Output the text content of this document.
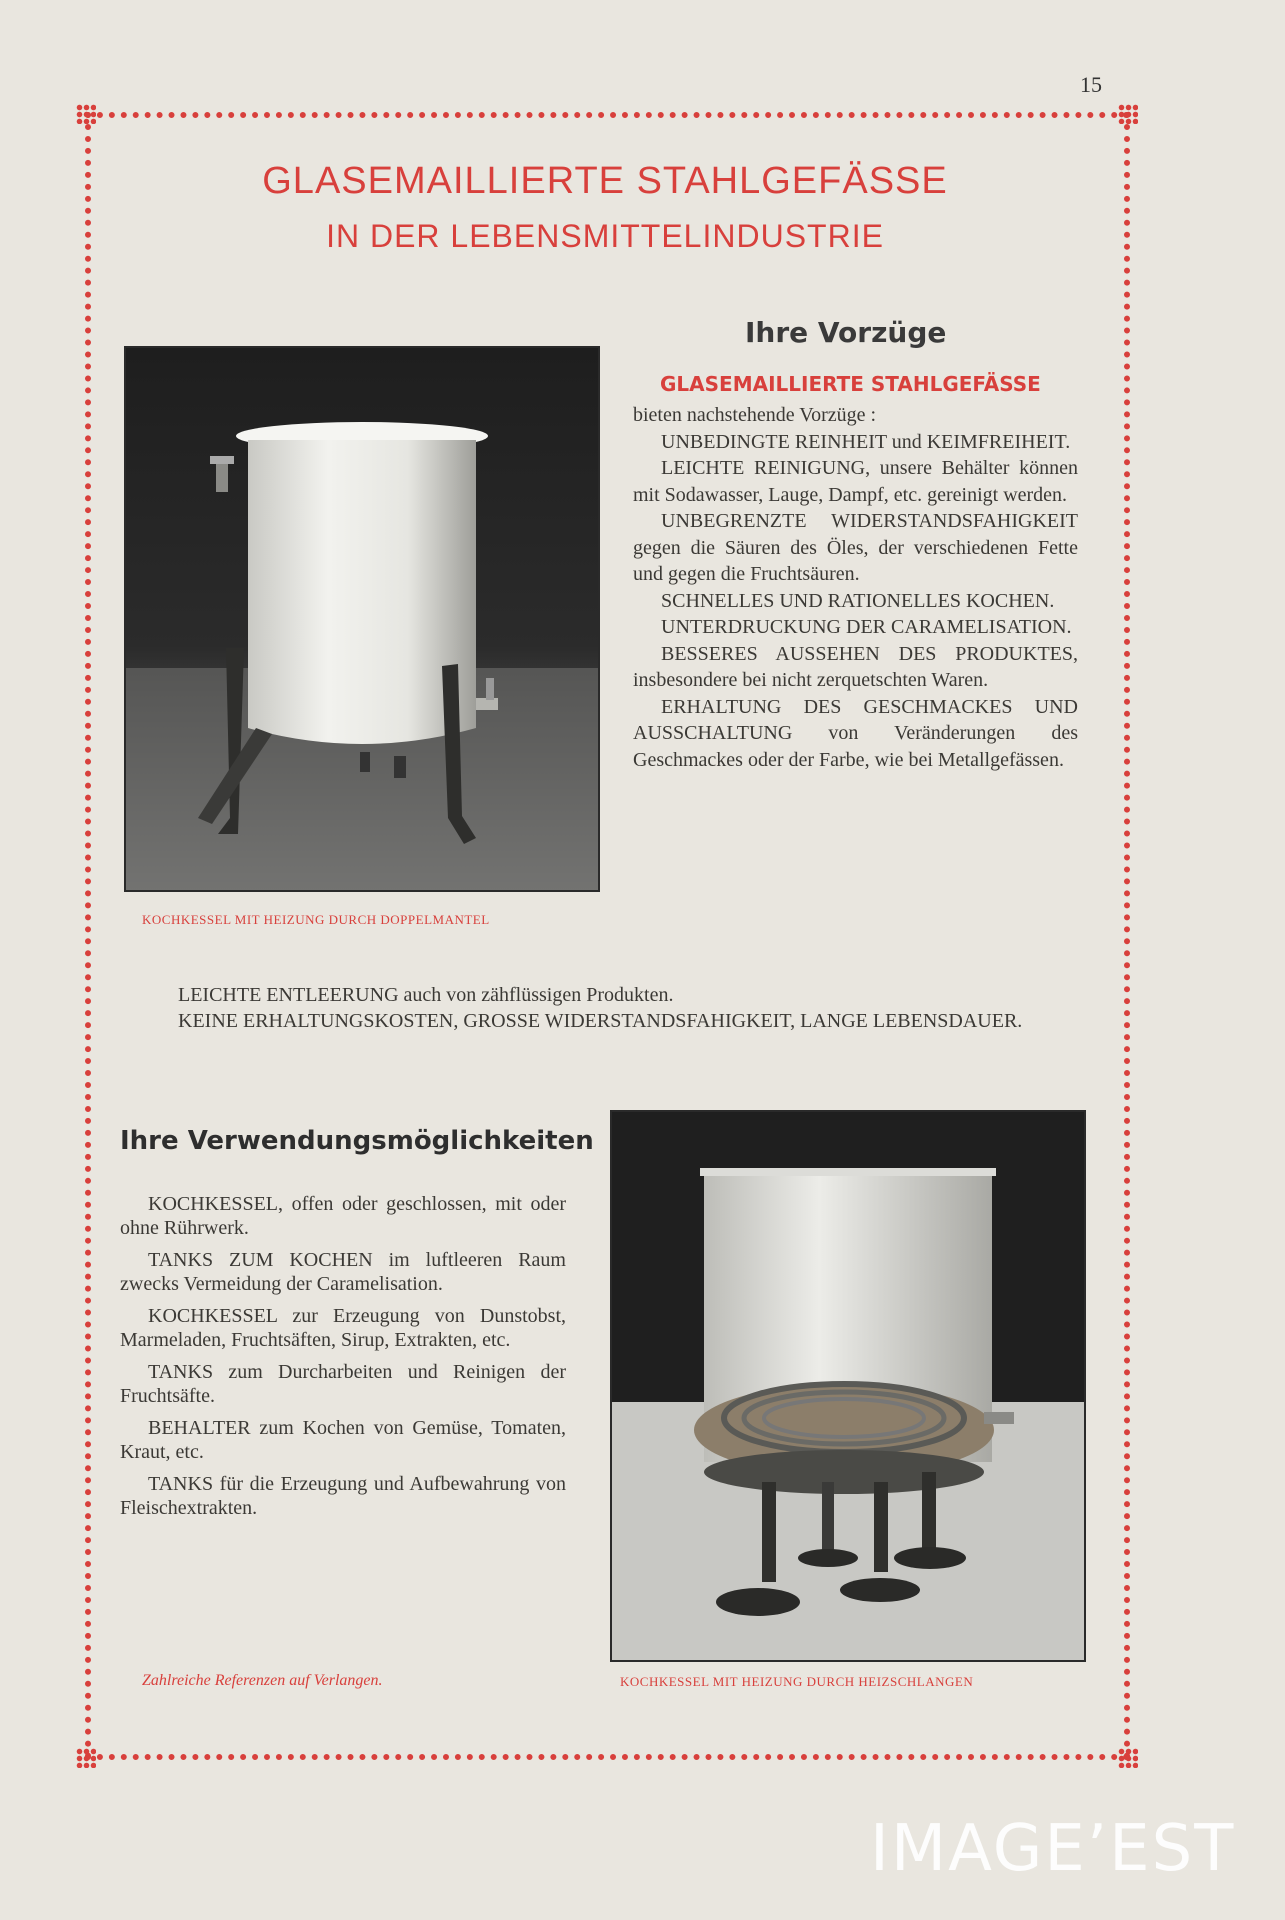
15
GLASEMAILLIERTE STAHLGEFÄSSE
IN DER LEBENSMITTELINDUSTRIE
KOCHKESSEL MIT HEIZUNG DURCH DOPPELMANTEL
Ihre Vorzüge
GLASEMAILLIERTE STAHLGEFÄSSE

bieten nachstehende Vorzüge :

UNBEDINGTE REINHEIT und KEIMFREIHEIT.

LEICHTE REINIGUNG, unsere Behälter können mit Sodawasser, Lauge, Dampf, etc. gereinigt werden.

UNBEGRENZTE WIDERSTANDSFAHIGKEIT gegen die Säuren des Öles, der verschiedenen Fette und gegen die Fruchtsäuren.

SCHNELLES UND RATIONELLES KOCHEN.

UNTERDRUCKUNG DER CARAMELISATION.

BESSERES AUSSEHEN DES PRODUKTES, insbesondere bei nicht zerquetschten Waren.

ERHALTUNG DES GESCHMACKES UND AUSSCHALTUNG von Veränderungen des Geschmackes oder der Farbe, wie bei Metallgefässen.

LEICHTE ENTLEERUNG auch von zähflüssigen Produkten.

KEINE ERHALTUNGSKOSTEN, GROSSE WIDERSTANDSFAHIGKEIT, LANGE LEBENSDAUER.

Ihre Verwendungsmöglichkeiten

KOCHKESSEL, offen oder geschlossen, mit oder ohne Rührwerk.

TANKS ZUM KOCHEN im luftleeren Raum zwecks Vermeidung der Caramelisation.

KOCHKESSEL zur Erzeugung von Dunstobst, Marmeladen, Fruchtsäften, Sirup, Extrakten, etc.

TANKS zum Durcharbeiten und Reinigen der Fruchtsäfte.

BEHALTER zum Kochen von Gemüse, Tomaten, Kraut, etc.

TANKS für die Erzeugung und Aufbewahrung von Fleischextrakten.

KOCHKESSEL MIT HEIZUNG DURCH HEIZSCHLANGEN
Zahlreiche Referenzen auf Verlangen.
IMAGE’EST
